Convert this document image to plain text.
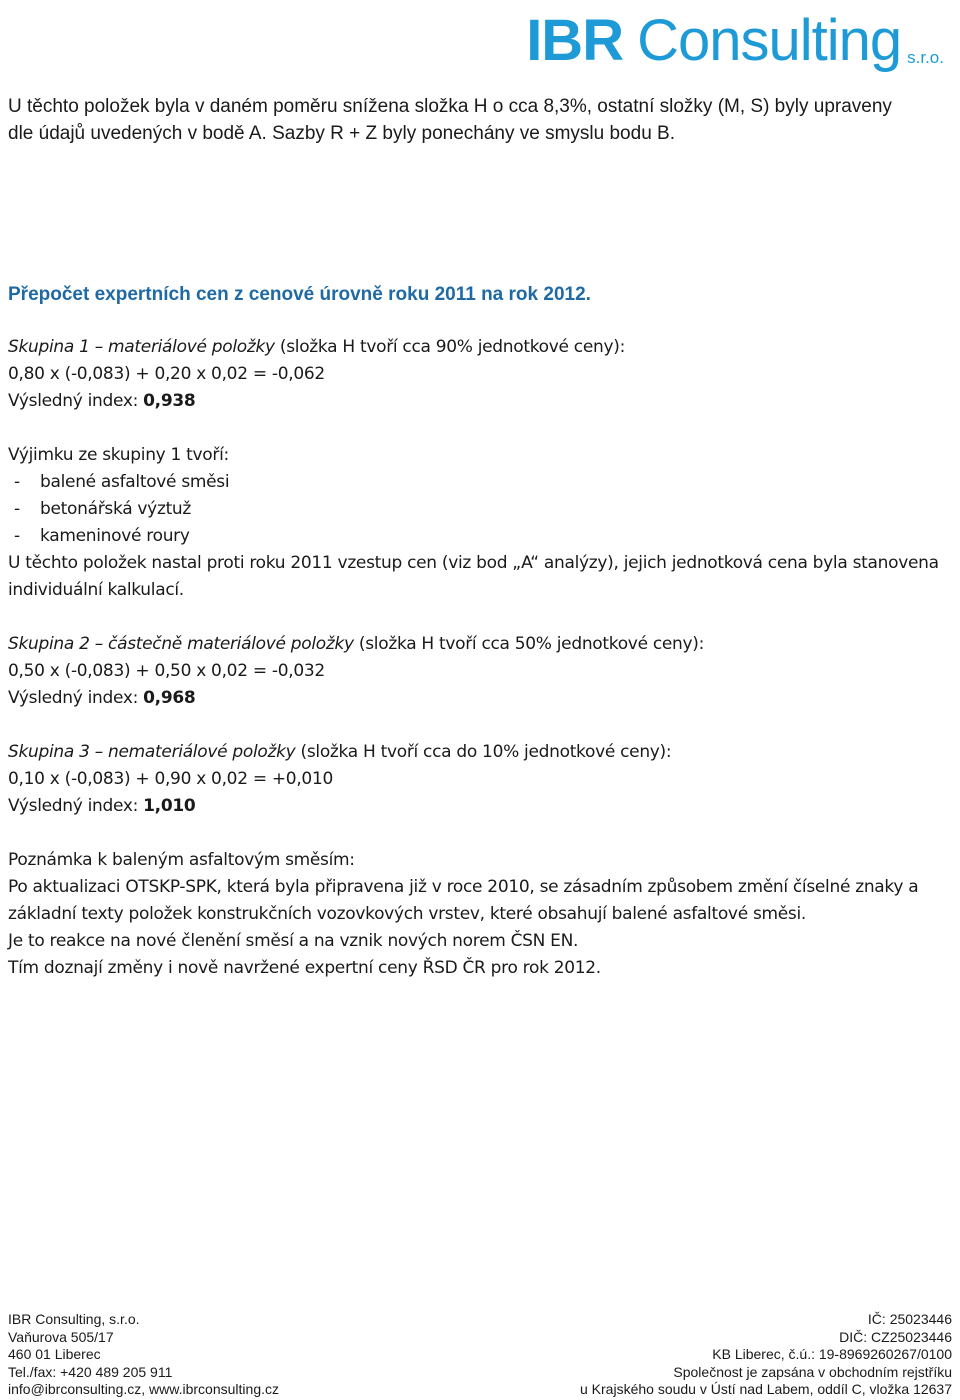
IBR Consulting s.r.o.
U těchto položek byla v daném poměru snížena složka H o cca 8,3%, ostatní složky (M, S) byly upraveny
dle údajů uvedených v bodě A. Sazby R + Z byly ponechány ve smyslu bodu B.
Přepočet expertních cen z cenové úrovně roku 2011 na rok 2012.

Skupina 1 – materiálové položky (složka H tvoří cca 90% jednotkové ceny):

0,80 x (-0,083) + 0,20 x 0,02 = -0,062

Výsledný index: 0,938

Výjimku ze skupiny 1 tvoří:

-	balené asfaltové směsi
-	betonářská výztuž
-	kameninové roury

U těchto položek nastal proti roku 2011 vzestup cen (viz bod „A“ analýzy), jejich jednotková cena byla stanovena individuální kalkulací.

Skupina 2 – částečně materiálové položky (složka H tvoří cca 50% jednotkové ceny):

0,50 x (-0,083) + 0,50 x 0,02 = -0,032

Výsledný index: 0,968

Skupina 3 – nemateriálové položky (složka H tvoří cca do 10% jednotkové ceny):

0,10 x (-0,083) + 0,90 x 0,02 = +0,010

Výsledný index: 1,010

Poznámka k baleným asfaltovým směsím:

Po aktualizaci OTSKP-SPK, která byla připravena již v roce 2010, se zásadním způsobem změní číselné znaky a základní texty položek konstrukčních vozovkových vrstev, které obsahují balené asfaltové směsi.

Je to reakce na nové členění směsí a na vznik nových norem ČSN EN.

Tím doznají změny i nově navržené expertní ceny ŘSD ČR pro rok 2012.

IBR Consulting, s.r.o.
Vaňurova 505/17
460 01 Liberec
Tel./fax: +420 489 205 911
info@ibrconsulting.cz, www.ibrconsulting.cz
IČ: 25023446
DIČ: CZ25023446
KB Liberec, č.ú.: 19-8969260267/0100
Společnost je zapsána v obchodním rejstříku
u Krajského soudu v Ústí nad Labem, oddíl C, vložka 12637
